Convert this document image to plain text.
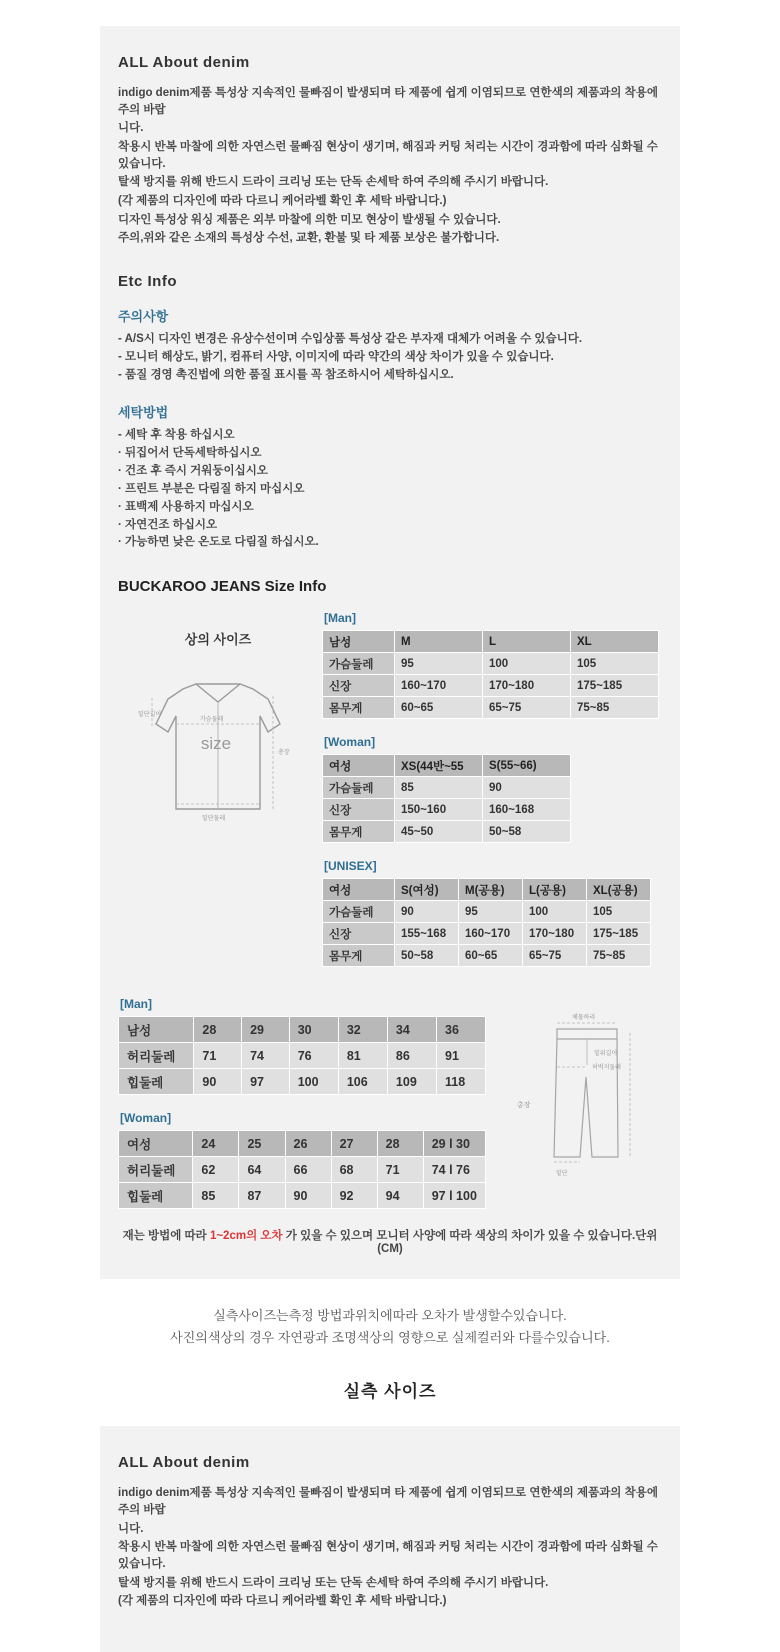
ALL About denim

indigo denim제품 특성상 지속적인 물빠짐이 발생되며 타 제품에 쉽게 이염되므로 연한색의 제품과의 착용에 주의 바랍

니다.

착용시 반복 마찰에 의한 자연스런 물빠짐 현상이 생기며, 해짐과 커팅 처리는 시간이 경과함에 따라 심화될 수 있습니다.

탈색 방지를 위해 반드시 드라이 크리닝 또는 단독 손세탁 하여 주의해 주시기 바랍니다.

(각 제품의 디자인에 따라 다르니 케어라벨 확인 후 세탁 바랍니다.)

디자인 특성상 워싱 제품은 외부 마찰에 의한 미모 현상이 발생될 수 있습니다.

주의,위와 같은 소재의 특성상 수선, 교환, 환불 및 타 제품 보상은 불가합니다.

Etc Info
주의사항
- A/S시 디자인 변경은 유상수선이며 수입상품 특성상 같은 부자재 대체가 어려울 수 있습니다.
- 모니터 해상도, 밝기, 컴퓨터 사양, 이미지에 따라 약간의 색상 차이가 있을 수 있습니다.
- 품질 경영 촉진법에 의한 품질 표시를 꼭 참조하시어 세탁하십시오.
세탁방법
- 세탁 후 착용 하십시오
· 뒤집어서 단독세탁하십시오
· 건조 후 즉시 거워둥이십시오
· 프린트 부분은 다림질 하지 마십시오
· 표백제 사용하지 마십시오
· 자연건조 하십시오
· 가능하면 낮은 온도로 다림질 하십시오.
BUCKAROO JEANS Size Info
상의 사이즈
size
밑단길이
가슴둘레
총장
밑단둘레
[Man]
남성	M	L	XL
가슴둘레	95	100	105
신장	160~170	170~180	175~185
몸무게	60~65	65~75	75~85
[Woman]
여성	XS(44반~55	S(55~66)
가슴둘레	85	90
신장	150~160	160~168
몸무게	45~50	50~58
[UNISEX]
여성	S(여성)	M(공용)	L(공용)	XL(공용)
가슴둘레	90	95	100	105
신장	155~168	160~170	170~180	175~185
몸무게	50~58	60~65	65~75	75~85
[Man]
남성	28	29	30	32	34	36
허리둘레	71	74	76	81	86	91
힙둘레	90	97	100	106	109	118
[Woman]
여성	24	25	26	27	28	29 l 30
허리둘레	62	64	66	68	71	74 l 76
힙둘레	85	87	90	92	94	97 l 100
체물하리
밑위길이
허벅지둘레
총장
밑단
재는 방법에 따라 1~2cm의 오차 가 있을 수 있으며 모니터 사양에 따라 색상의 차이가 있을 수 있습니다.단위(CM)
실측사이즈는측정 방법과위치에따라 오차가 발생할수있습니다.
사진의색상의 경우 자연광과 조명색상의 영향으로 실제컬러와 다를수있습니다.
실측 사이즈
ALL About denim

indigo denim제품 특성상 지속적인 물빠짐이 발생되며 타 제품에 쉽게 이염되므로 연한색의 제품과의 착용에 주의 바랍

니다.

착용시 반복 마찰에 의한 자연스런 물빠짐 현상이 생기며, 해짐과 커팅 처리는 시간이 경과함에 따라 심화될 수 있습니다.

탈색 방지를 위해 반드시 드라이 크리닝 또는 단독 손세탁 하여 주의해 주시기 바랍니다.

(각 제품의 디자인에 따라 다르니 케어라벨 확인 후 세탁 바랍니다.)
